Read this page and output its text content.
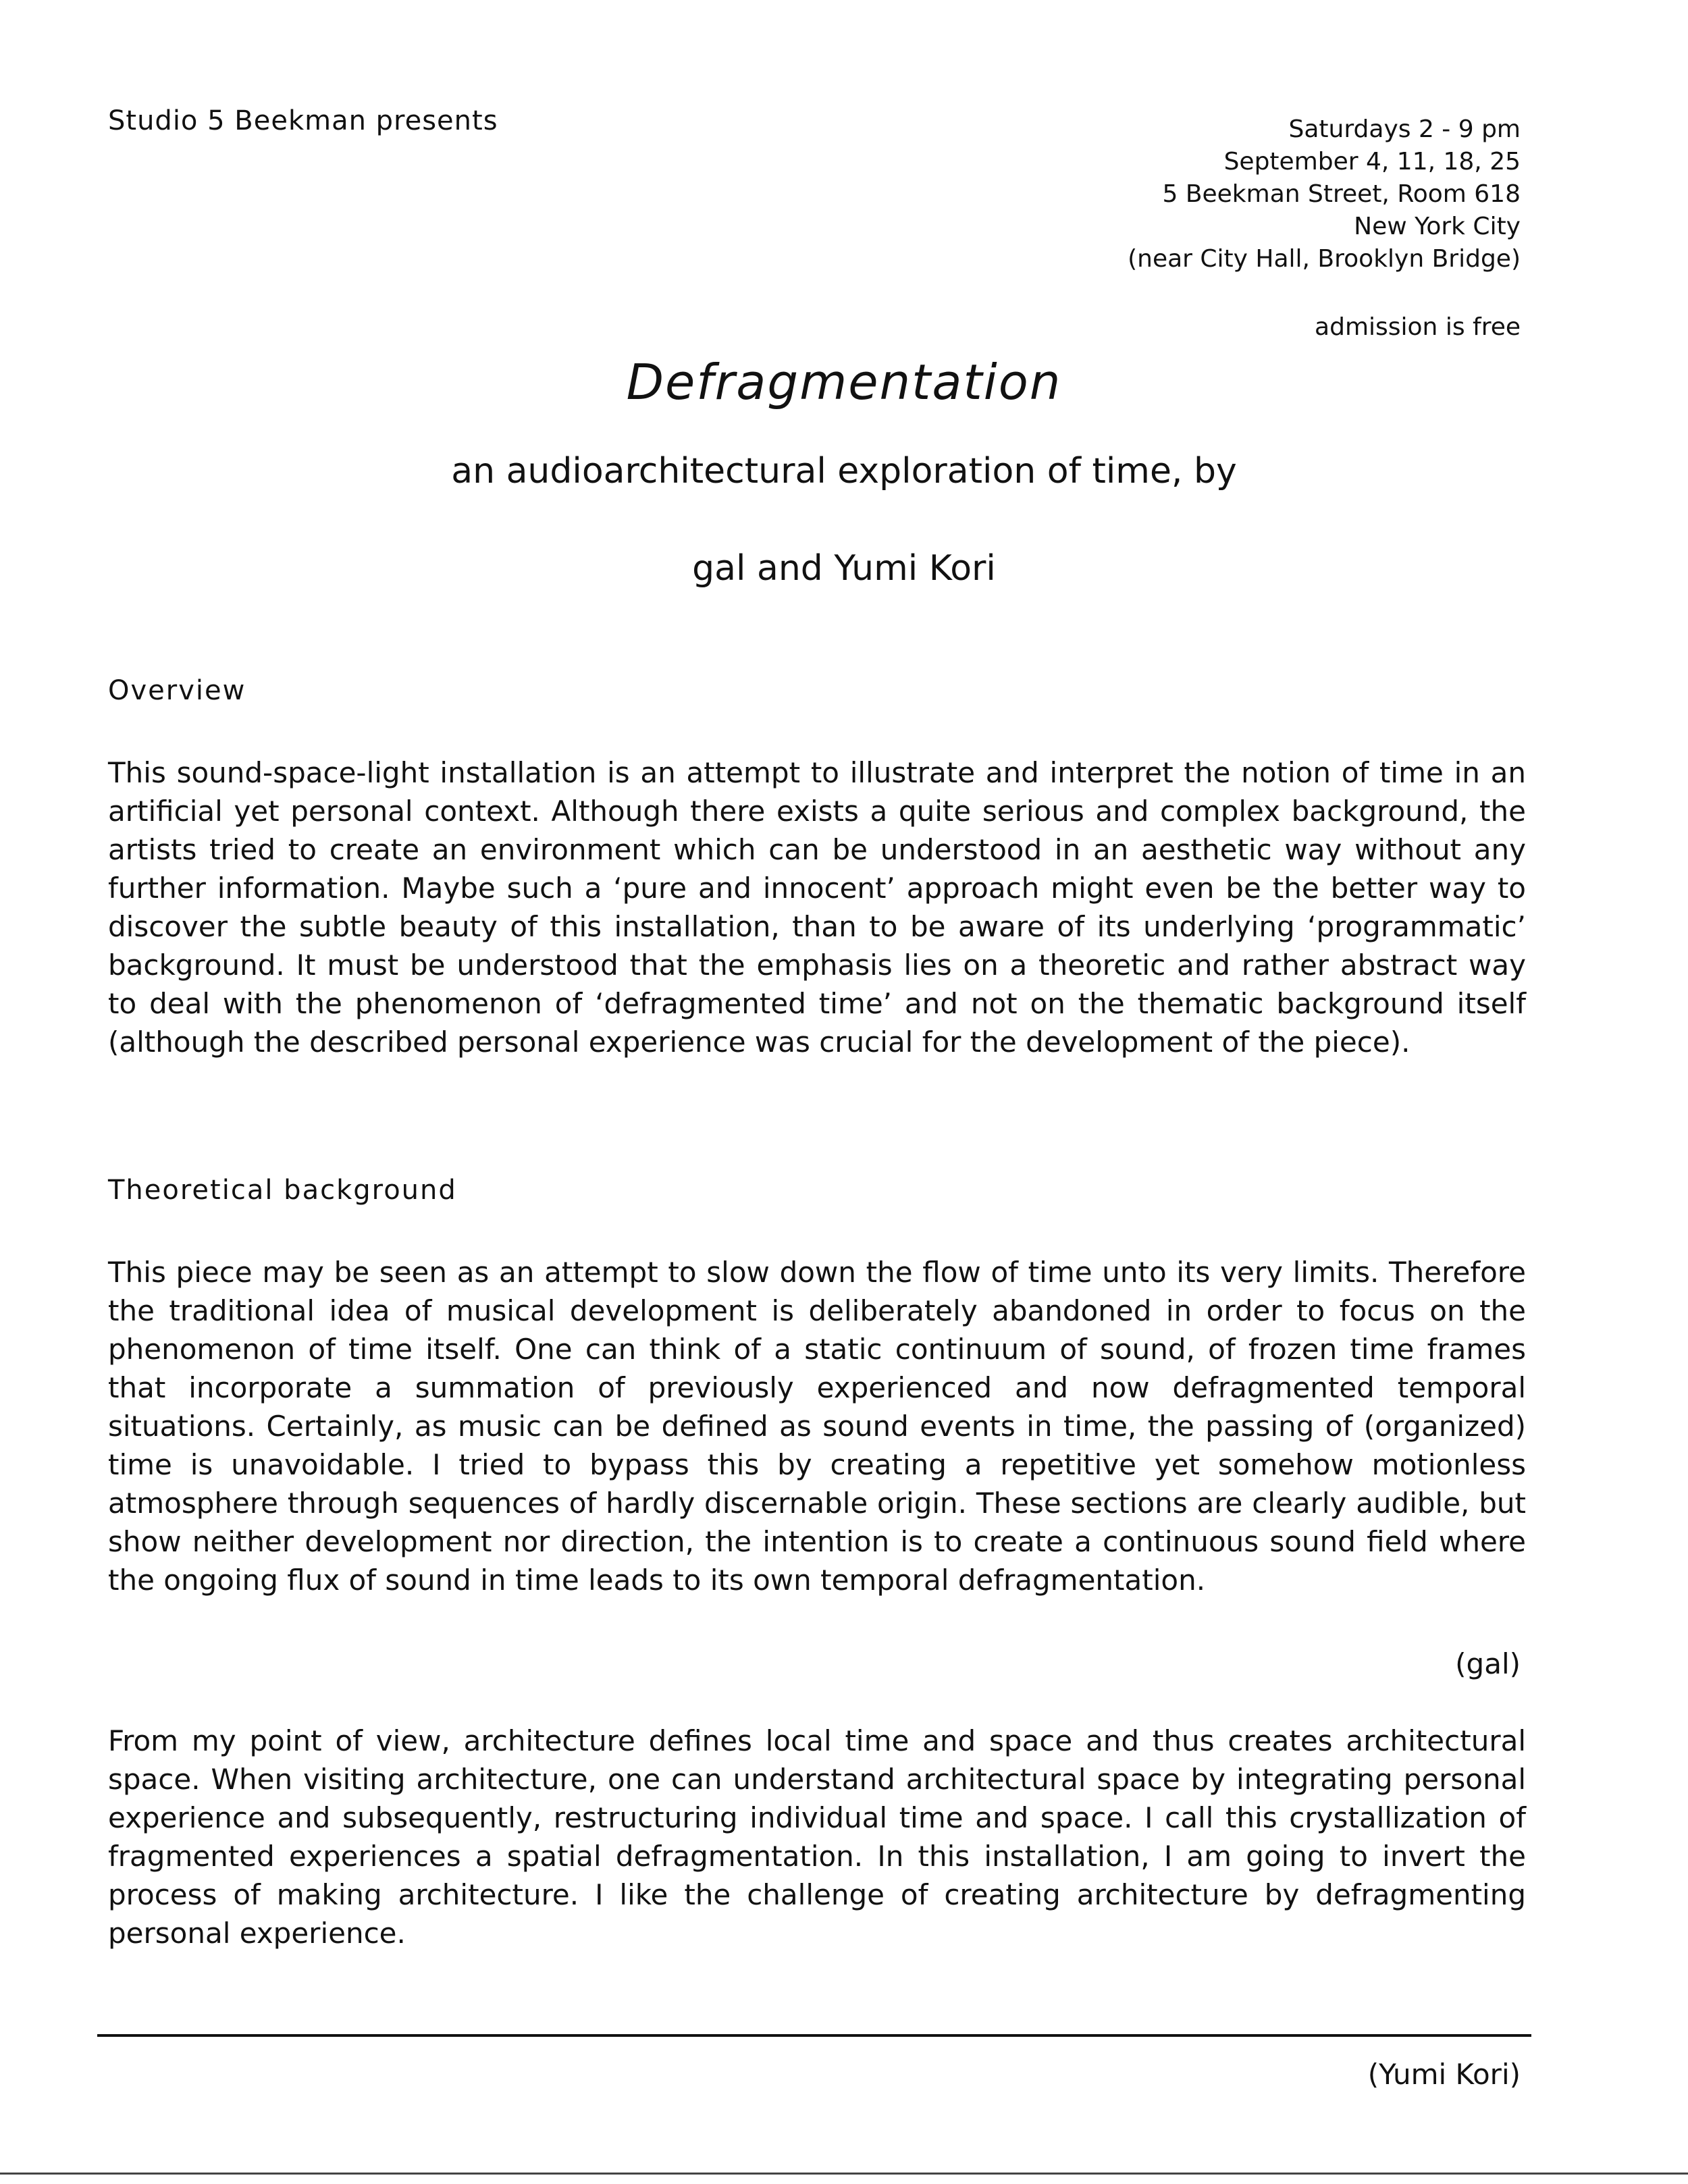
Studio 5 Beekman presents	Saturdays 2 - 9 pm
September 4, 11, 18, 25
5 Beekman Street, Room 618
New York City
(near City Hall, Brooklyn Bridge)
admission is free
Defragmentation
an audioarchitectural exploration of time, by
gal and Yumi Kori
Overview
This sound-space-light installation is an attempt to illustrate and interpret the notion of time in an artificial yet personal context. Although there exists a quite serious and complex background, the artists tried to create an environment which can be understood in an aesthetic way without any further information. Maybe such a ‘pure and innocent’ approach might even be the better way to discover the subtle beauty of this installation, than to be aware of its underlying ‘programmatic’ background. It must be understood that the emphasis lies on a theoretic and rather abstract way to deal with the phenomenon of ‘defragmented time’ and not on the thematic background itself (although the described personal experience was crucial for the development of the piece).
Theoretical background
This piece may be seen as an attempt to slow down the flow of time unto its very limits. Therefore the traditional idea of musical development is deliberately abandoned in order to focus on the phenomenon of time itself. One can think of a static continuum of sound, of frozen time frames that incorporate a summation of previously experienced and now defragmented temporal situations. Certainly, as music can be defined as sound events in time, the passing of (organized) time is unavoidable. I tried to bypass this by creating a repetitive yet somehow motionless atmosphere through sequences of hardly discernable origin. These sections are clearly audible, but show neither development nor direction, the intention is to create a continuous sound field where the ongoing flux of sound in time leads to its own temporal defragmentation.
(gal)
From my point of view, architecture defines local time and space and thus creates architectural space. When visiting architecture, one can understand architectural space by integrating personal experience and subsequently, restructuring individual time and space. I call this crystallization of fragmented experiences a spatial defragmentation. In this installation, I am going to invert the process of making architecture. I like the challenge of creating architecture by defragmenting personal experience.
(Yumi Kori)
